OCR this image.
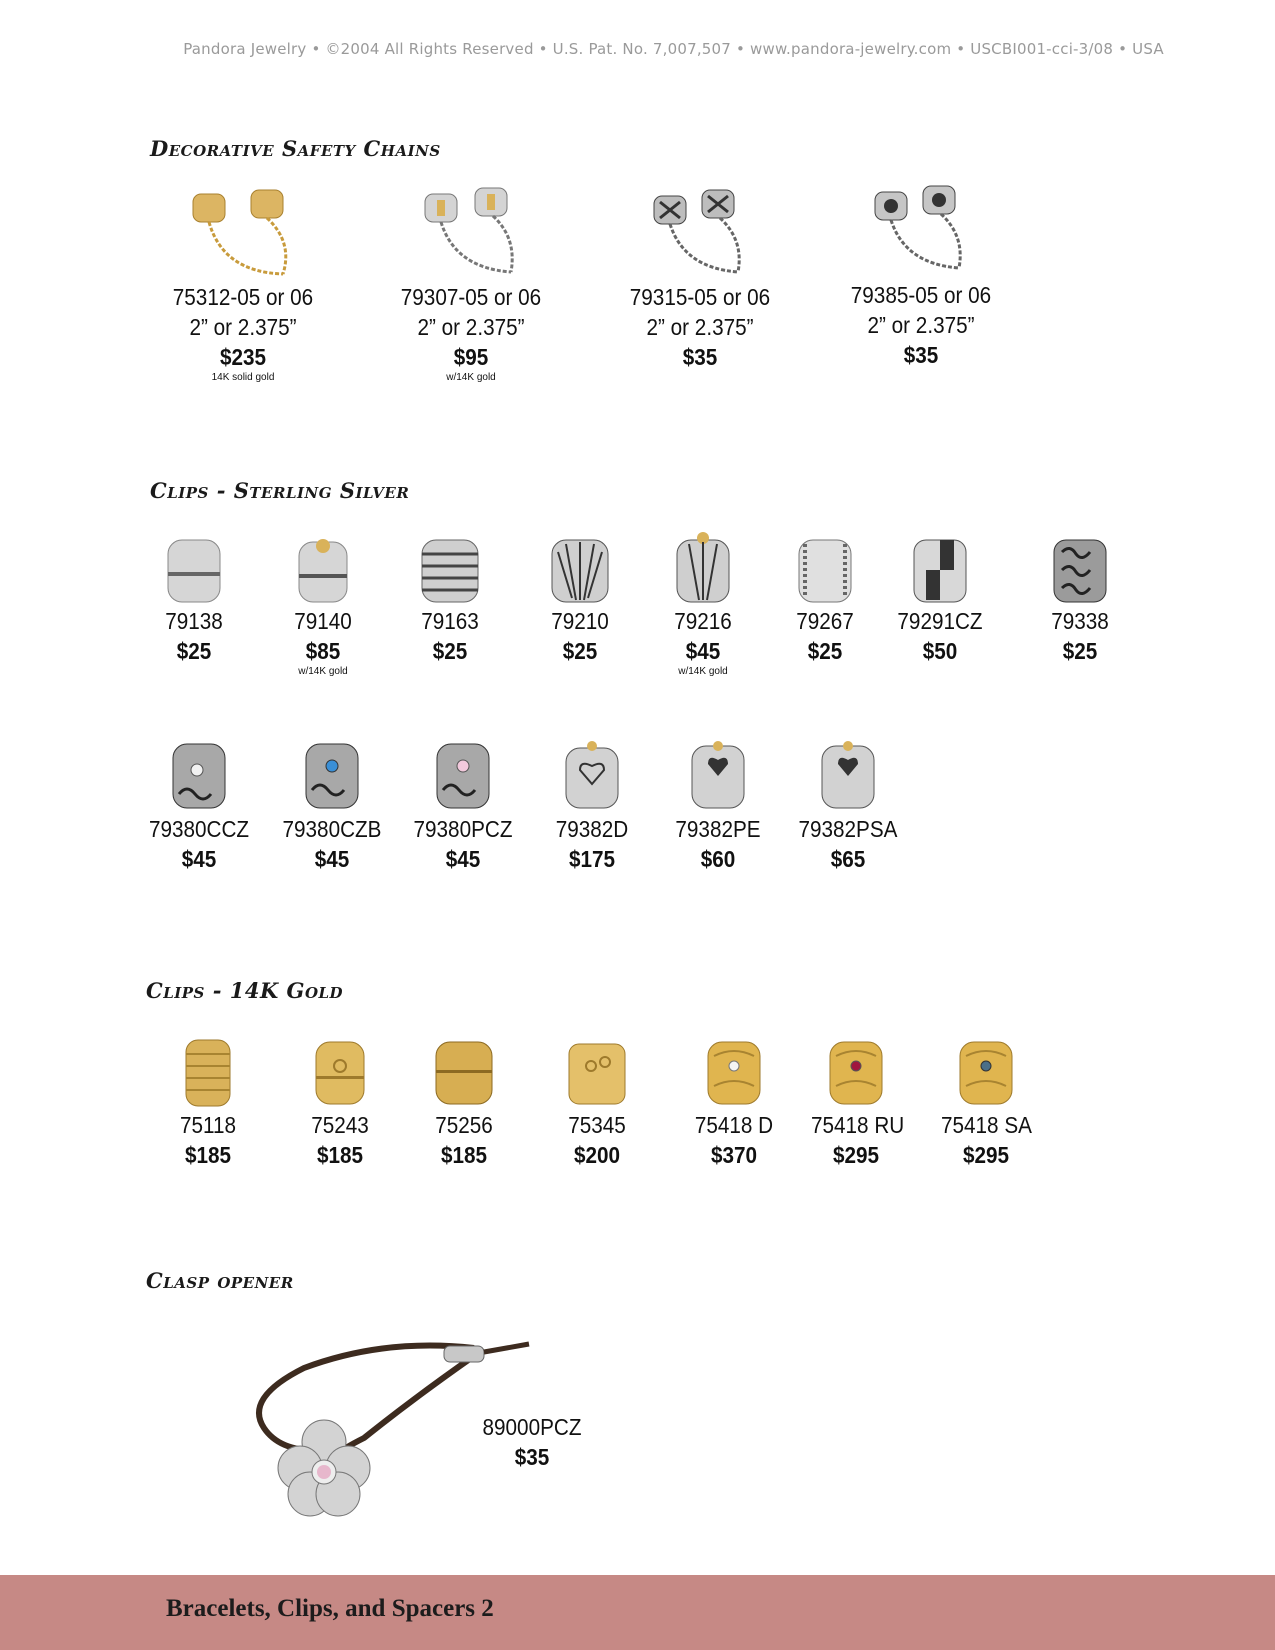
Pandora Jewelry • ©2004 All Rights Reserved • U.S. Pat. No. 7,007,507 • www.pandora-jewelry.com • USCBI001-cci-3/08 • USA
Decorative Safety Chains
75312-05 or 06
2” or 2.375”
$235
14K solid gold
79307-05 or 06
2” or 2.375”
$95
w/14K gold
79315-05 or 06
2” or 2.375”
$35
79385-05 or 06
2” or 2.375”
$35
Clips - Sterling Silver
79138
$25
79140
$85
w/14K gold
79163
$25
79210
$25
79216
$45
w/14K gold
79267
$25
79291CZ
$50
79338
$25
79380CCZ
$45
79380CZB
$45
79380PCZ
$45
79382D
$175
79382PE
$60
79382PSA
$65
Clips - 14K Gold
75118
$185
75243
$185
75256
$185
75345
$200
75418 D
$370
75418 RU
$295
75418 SA
$295
Clasp opener
89000PCZ
$35
Bracelets, Clips, and Spacers 2
